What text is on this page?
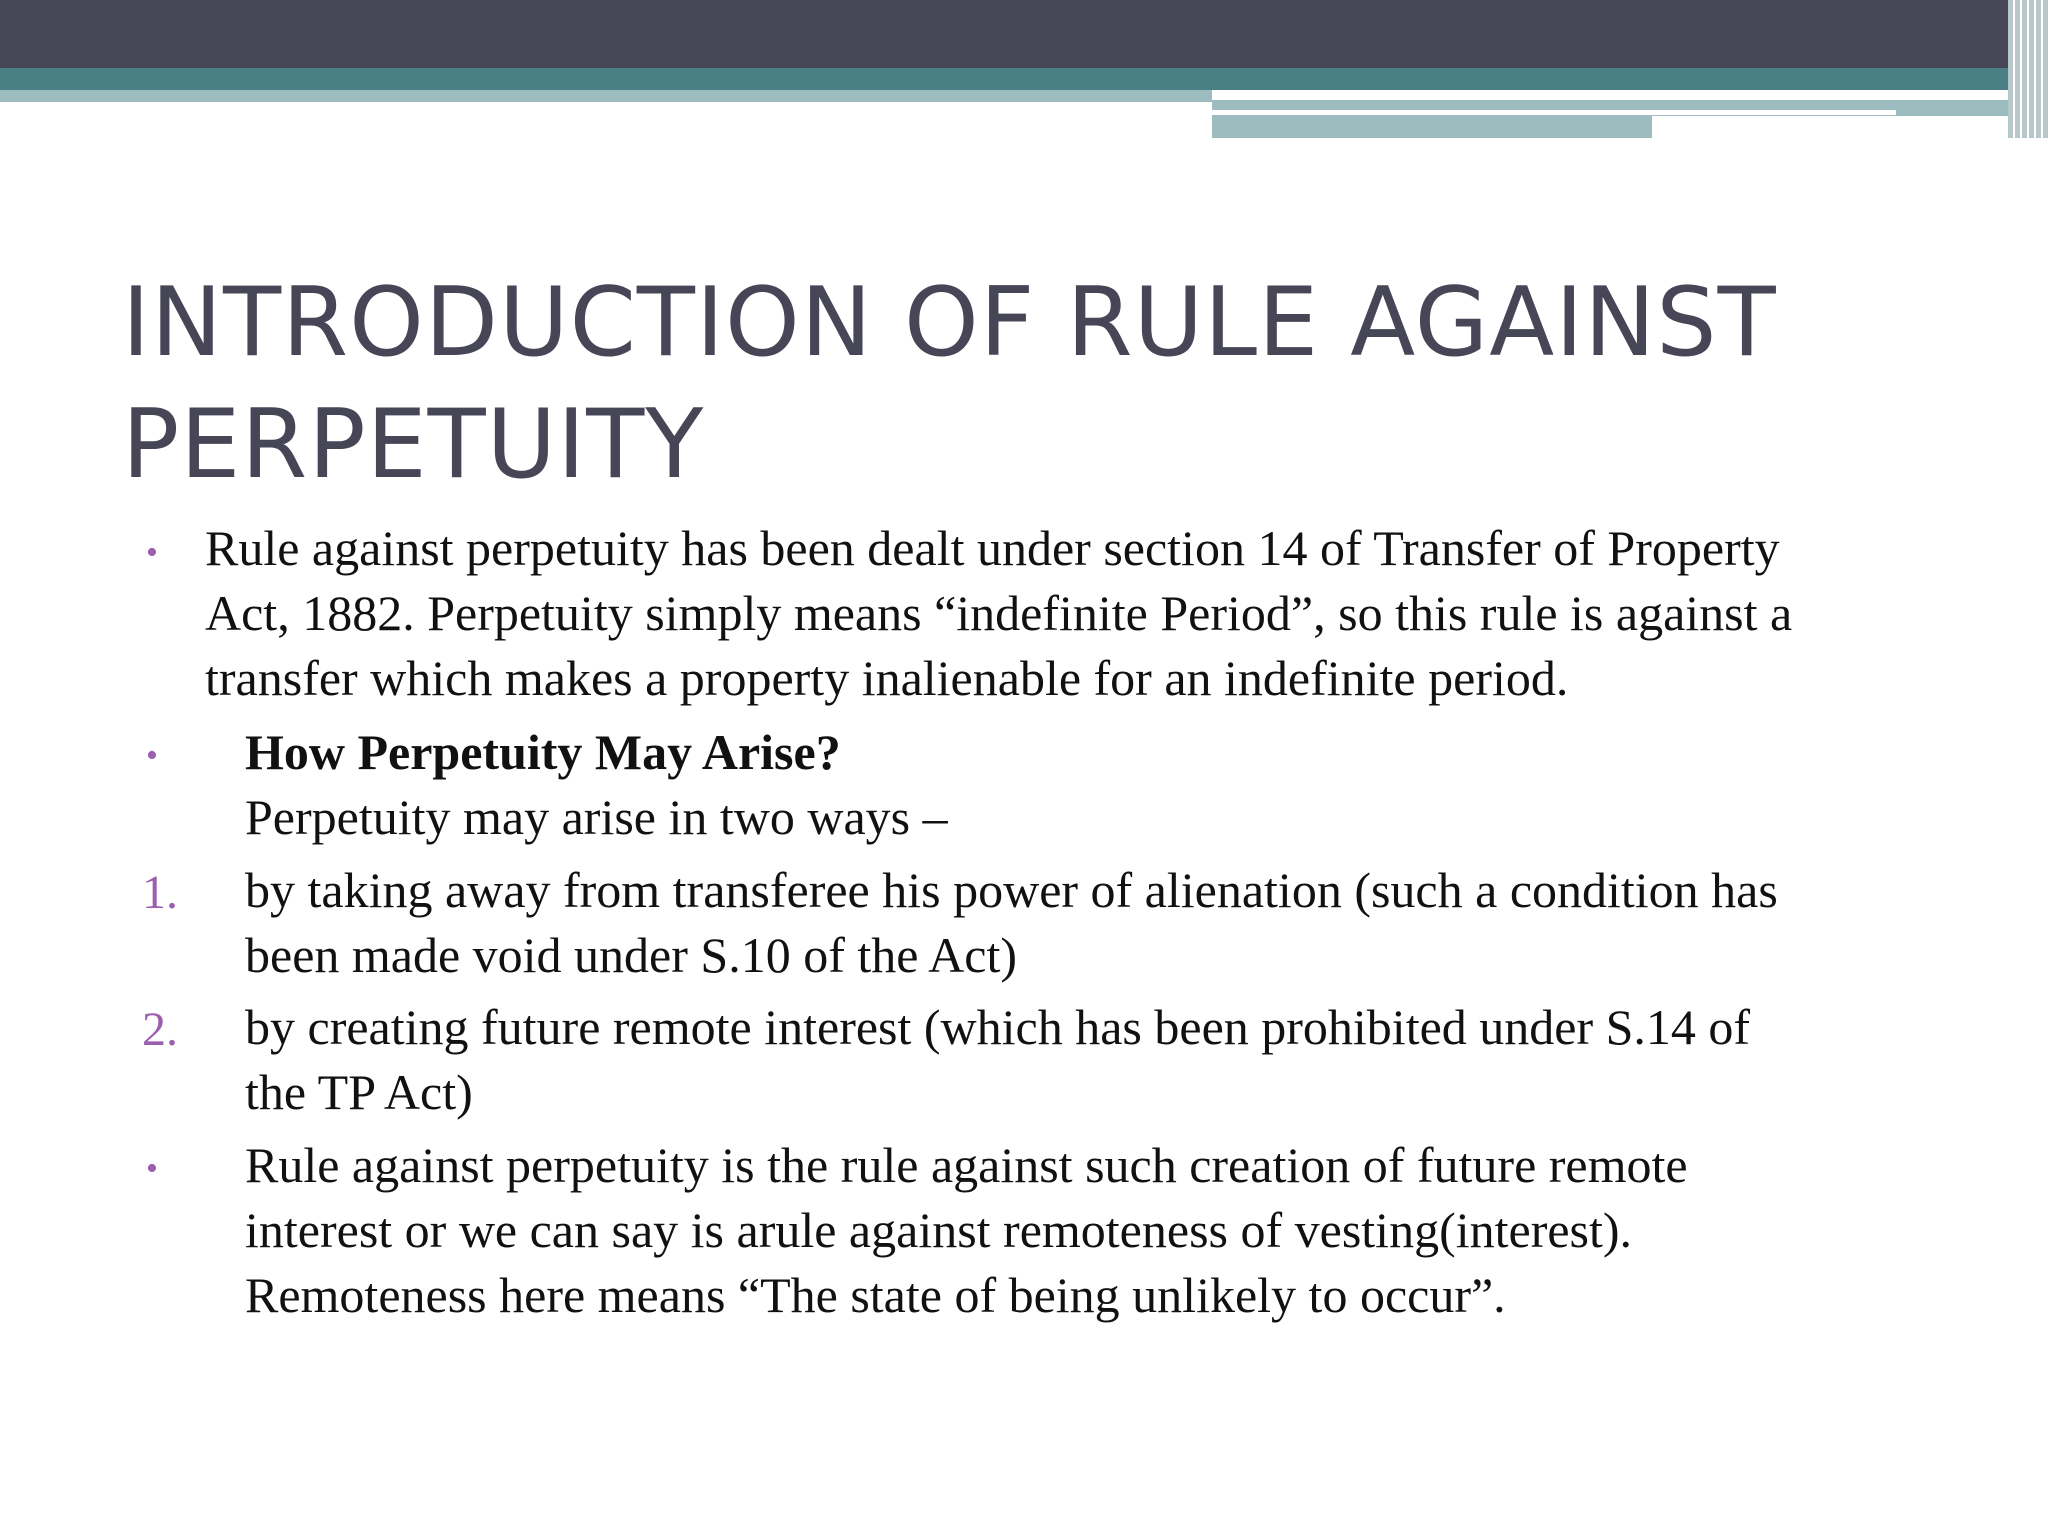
INTRODUCTION OF RULE AGAINST
PERPETUITY
• Rule against perpetuity has been dealt under section 14 of Transfer of Property
Act, 1882. Perpetuity simply means “indefinite Period”, so this rule is against a
transfer which makes a property inalienable for an indefinite period.
• How Perpetuity May Arise?
Perpetuity may arise in two ways –
1. by taking away from transferee his power of alienation (such a condition has
been made void under S.10 of the Act)
2. by creating future remote interest (which has been prohibited under S.14 of
the TP Act)
• Rule against perpetuity is the rule against such creation of future remote
interest or we can say is arule against remoteness of vesting(interest).
Remoteness here means “The state of being unlikely to occur”.
